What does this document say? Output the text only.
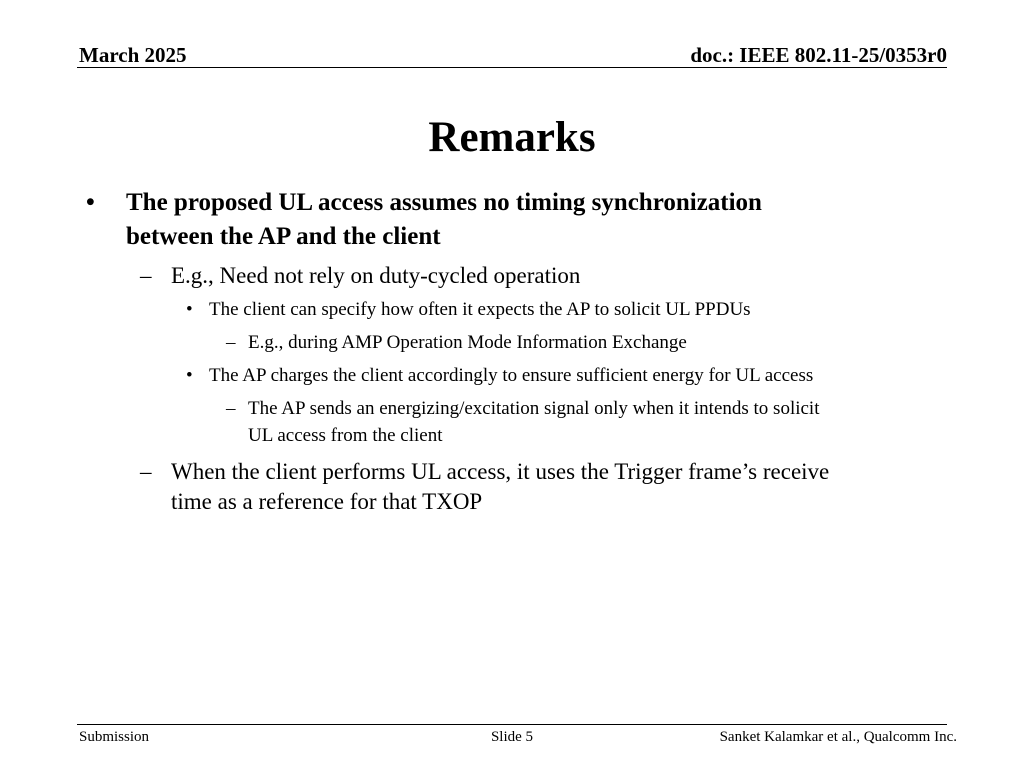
March 2025	doc.: IEEE 802.11-25/0353r0
Remarks
• The proposed UL access assumes no timing synchronization
between the AP and the client
– E.g., Need not rely on duty-cycled operation
• The client can specify how often it expects the AP to solicit UL PPDUs
– E.g., during AMP Operation Mode Information Exchange
• The AP charges the client accordingly to ensure sufficient energy for UL access
– The AP sends an energizing/excitation signal only when it intends to solicit
UL access from the client
– When the client performs UL access, it uses the Trigger frame’s receive
time as a reference for that TXOP
Submission	Slide 5	Sanket Kalamkar et al., Qualcomm Inc.
